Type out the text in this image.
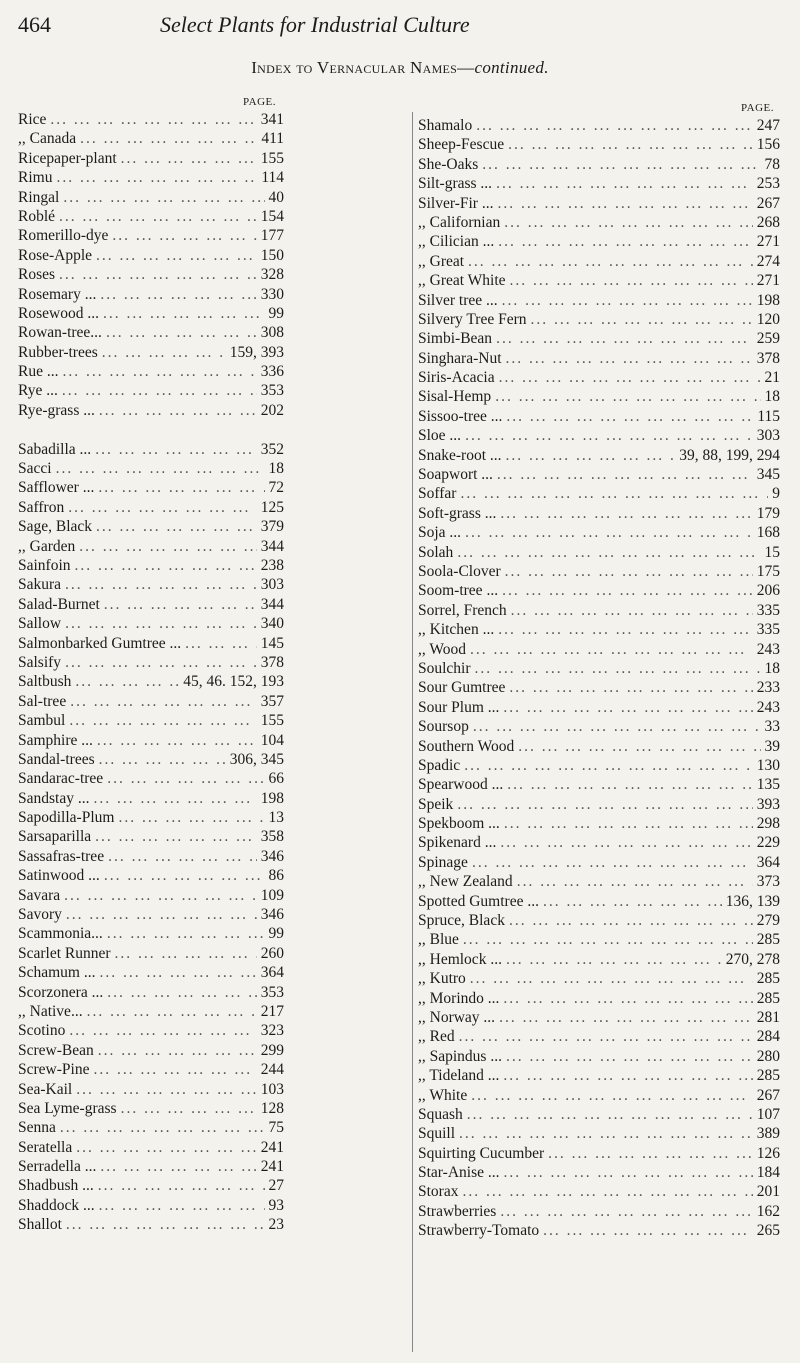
464	Select Plants for Industrial Culture
Index to Vernacular Names—continued.
PAGE.
Rice ... .	341
,, Canada ... .	411
Ricepaper-plant ... .	155
Rimu ... .	114
Ringal ... .	40
Roblé ... .	154
Romerillo-dye ... .	177
Rose-Apple ... .	150
Roses ... .	328
Rosemary ... ... .	330
Rosewood ... ... .	99
Rowan-tree... ... .	308
Rubber-trees ... .	159, 393
Rue ... ... .	336
Rye ... ... .	353
Rye-grass ... ... .	202
Sabadilla ... ... .	352
Sacci ... .	18
Safflower ... ... .	72
Saffron ... .	125
Sage, Black ... .	379
,, Garden ... .	344
Sainfoin ... .	238
Sakura ... .	303
Salad-Burnet ... .	344
Sallow ... .	340
Salmonbarked Gumtree ... ... .	145
Salsify ... .	378
Saltbush ... .	45, 46. 152, 193
Sal-tree ... .	357
Sambul ... .	155
Samphire ... ... .	104
Sandal-trees ... .	306, 345
Sandarac-tree ... .	66
Sandstay ... ... .	198
Sapodilla-Plum ... .	13
Sarsaparilla ... .	358
Sassafras-tree ... .	346
Satinwood ... ... .	86
Savara ... .	109
Savory ... .	346
Scammonia... ... .	99
Scarlet Runner ... .	260
Schamum ... ... .	364
Scorzonera ... ... .	353
,, Native... ... .	217
Scotino ... .	323
Screw-Bean ... .	299
Screw-Pine ... .	244
Sea-Kail ... .	103
Sea Lyme-grass ... .	128
Senna ... .	75
Seratella ... .	241
Serradella ... ... .	241
Shadbush ... ... .	27
Shaddock ... ... .	93
Shallot ... .	23
PAGE.
Shamalo ... .	247
Sheep-Fescue ... .	156
She-Oaks ... .	78
Silt-grass ... ... .	253
Silver-Fir ... ... .	267
,, Californian ... .	268
,, Cilician ... ... .	271
,, Great ... .	274
,, Great White ... .	271
Silver tree ... ... .	198
Silvery Tree Fern ... .	120
Simbi-Bean ... .	259
Singhara-Nut ... .	378
Siris-Acacia ... .	21
Sisal-Hemp ... .	18
Sissoo-tree ... ... .	115
Sloe ... ... .	303
Snake-root ... ... .	39, 88, 199, 294
Soapwort ... ... .	345
Soffar ... .	9
Soft-grass ... ... .	179
Soja ... ... .	168
Solah ... .	15
Soola-Clover ... .	175
Soom-tree ... ... .	206
Sorrel, French ... .	335
,, Kitchen ... ... .	335
,, Wood ... .	243
Soulchir ... .	18
Sour Gumtree ... .	233
Sour Plum ... ... .	243
Soursop ... .	33
Southern Wood ... .	39
Spadic ... .	130
Spearwood ... ... .	135
Speik ... .	393
Spekboom ... ... .	298
Spikenard ... ... .	229
Spinage ... .	364
,, New Zealand ... .	373
Spotted Gumtree ... ... .	136, 139
Spruce, Black ... .	279
,, Blue ... .	285
,, Hemlock ... ... .	270, 278
,, Kutro ... .	285
,, Morindo ... ... .	285
,, Norway ... ... .	281
,, Red ... .	284
,, Sapindus ... ... .	280
,, Tideland ... ... .	285
,, White ... .	267
Squash ... .	107
Squill ... .	389
Squirting Cucumber ... .	126
Star-Anise ... ... .	184
Storax ... .	201
Strawberries ... .	162
Strawberry-Tomato ... .	265
